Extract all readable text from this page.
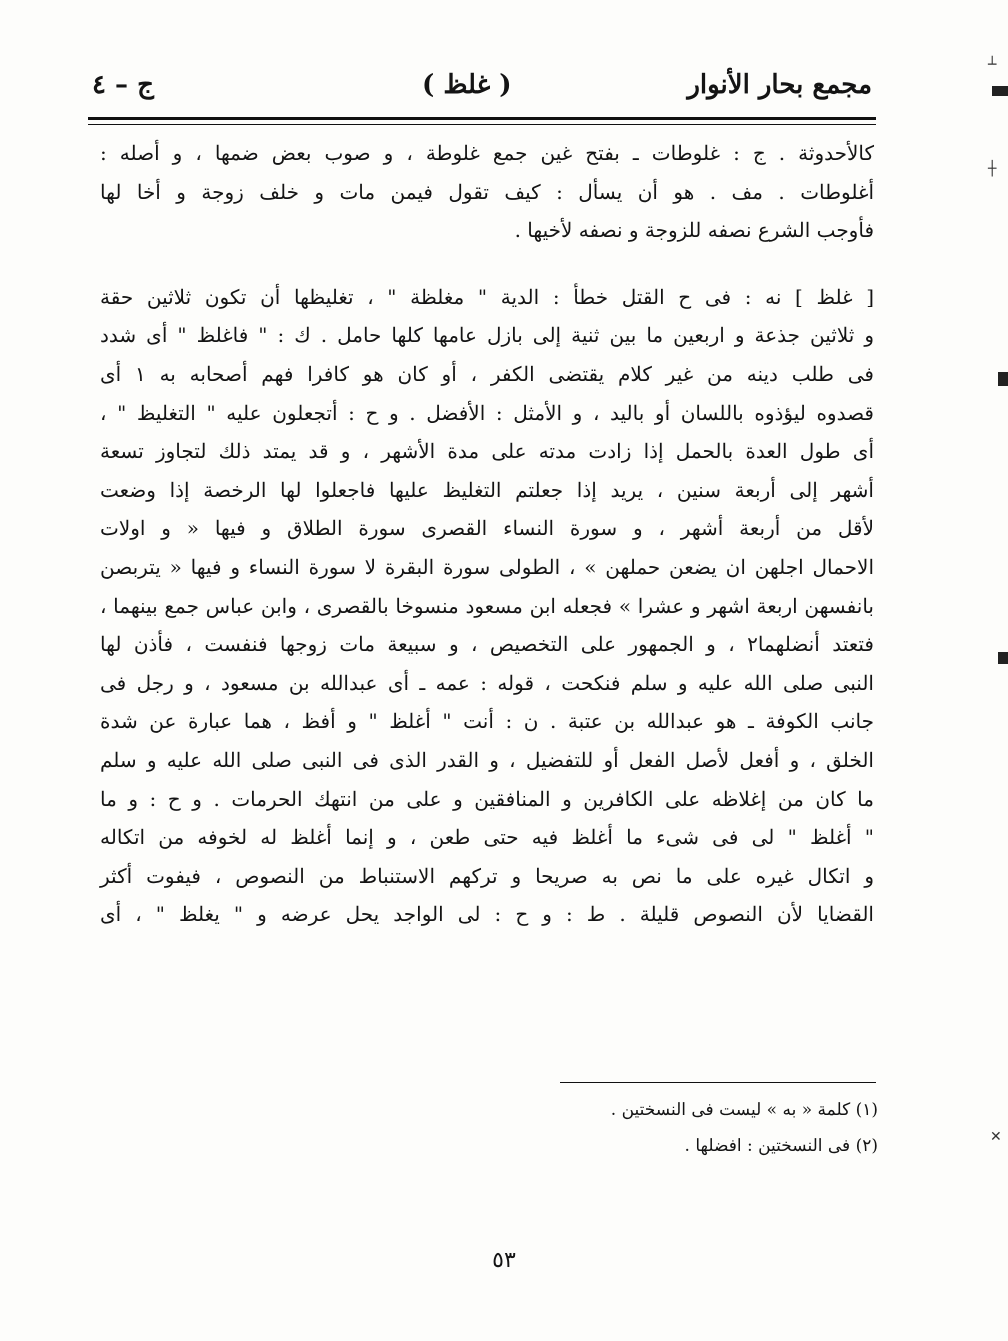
مجمع بحار الأنوار
( غلظ )
ج – ٤

كالأحدوثة . ج : غلوطات ـ بفتح غين جمع غلوطة ، و صوب بعض ضمها ، و أصله :

أغلوطات . مف . هو أن يسأل : كيف تقول فيمن مات و خلف زوجة و أخا لها

فأوجب الشرع نصفه للزوجة و نصفه لأخيها .

[ غلظ ] نه : فى ح القتل خطأ : الدية " مغلظة " ، تغليظها أن تكون ثلاثين حقة

و ثلاثين جذعة و اربعين ما بين ثنية إلى بازل عامها كلها حامل . ك : " فاغلظ " أى شدد

فى طلب دينه من غير كلام يقتضى الكفر ، أو كان هو كافرا فهم أصحابه به ١ أى

قصدوه ليؤذوه باللسان أو باليد ، و الأمثل : الأفضل . و ح : أتجعلون عليه " التغليظ " ،

أى طول العدة بالحمل إذا زادت مدته على مدة الأشهر ، و قد يمتد ذلك لتجاوز تسعة

أشهر إلى أربعة سنين ، يريد إذا جعلتم التغليظ عليها فاجعلوا لها الرخصة إذا وضعت

لأقل من أربعة أشهر ، و سورة النساء القصرى سورة الطلاق و فيها « و اولات

الاحمال اجلهن ان يضعن حملهن » ، الطولى سورة البقرة لا سورة النساء و فيها « يتربصن

بانفسهن اربعة اشهر و عشرا » فجعله ابن مسعود منسوخا بالقصرى ، وابن عباس جمع بينهما ،

فتعتد أنضلهما٢ ، و الجمهور على التخصيص ، و سبيعة مات زوجها فنفست ، فأذن لها

النبى صلى الله عليه و سلم فنكحت ، قوله : عمه ـ أى عبدالله بن مسعود ، و رجل فى

جانب الكوفة ـ هو عبدالله بن عتبة . ن : أنت " أغلظ " و أفظ ، هما عبارة عن شدة

الخلق ، و أفعل لأصل الفعل أو للتفضيل ، و القدر الذى فى النبى صلى الله عليه و سلم

ما كان من إغلاظه على الكافرين و المنافقين و على من انتهك الحرمات . و ح : و ما

" أغلظ " لى فى شىء ما أغلظ فيه حتى طعن ، و إنما أغلظ له لخوفه من اتكاله

و اتكال غيره على ما نص به صريحا و تركهم الاستنباط من النصوص ، فيفوت أكثر

القضايا لأن النصوص قليلة . ط : و ح : لى الواجد يحل عرضه و " يغلظ " ، أى

(١) كلمة « به » ليست فى النسختين .
(٢) فى النسختين : افضلها .
٥٣
┴
┼
✕
